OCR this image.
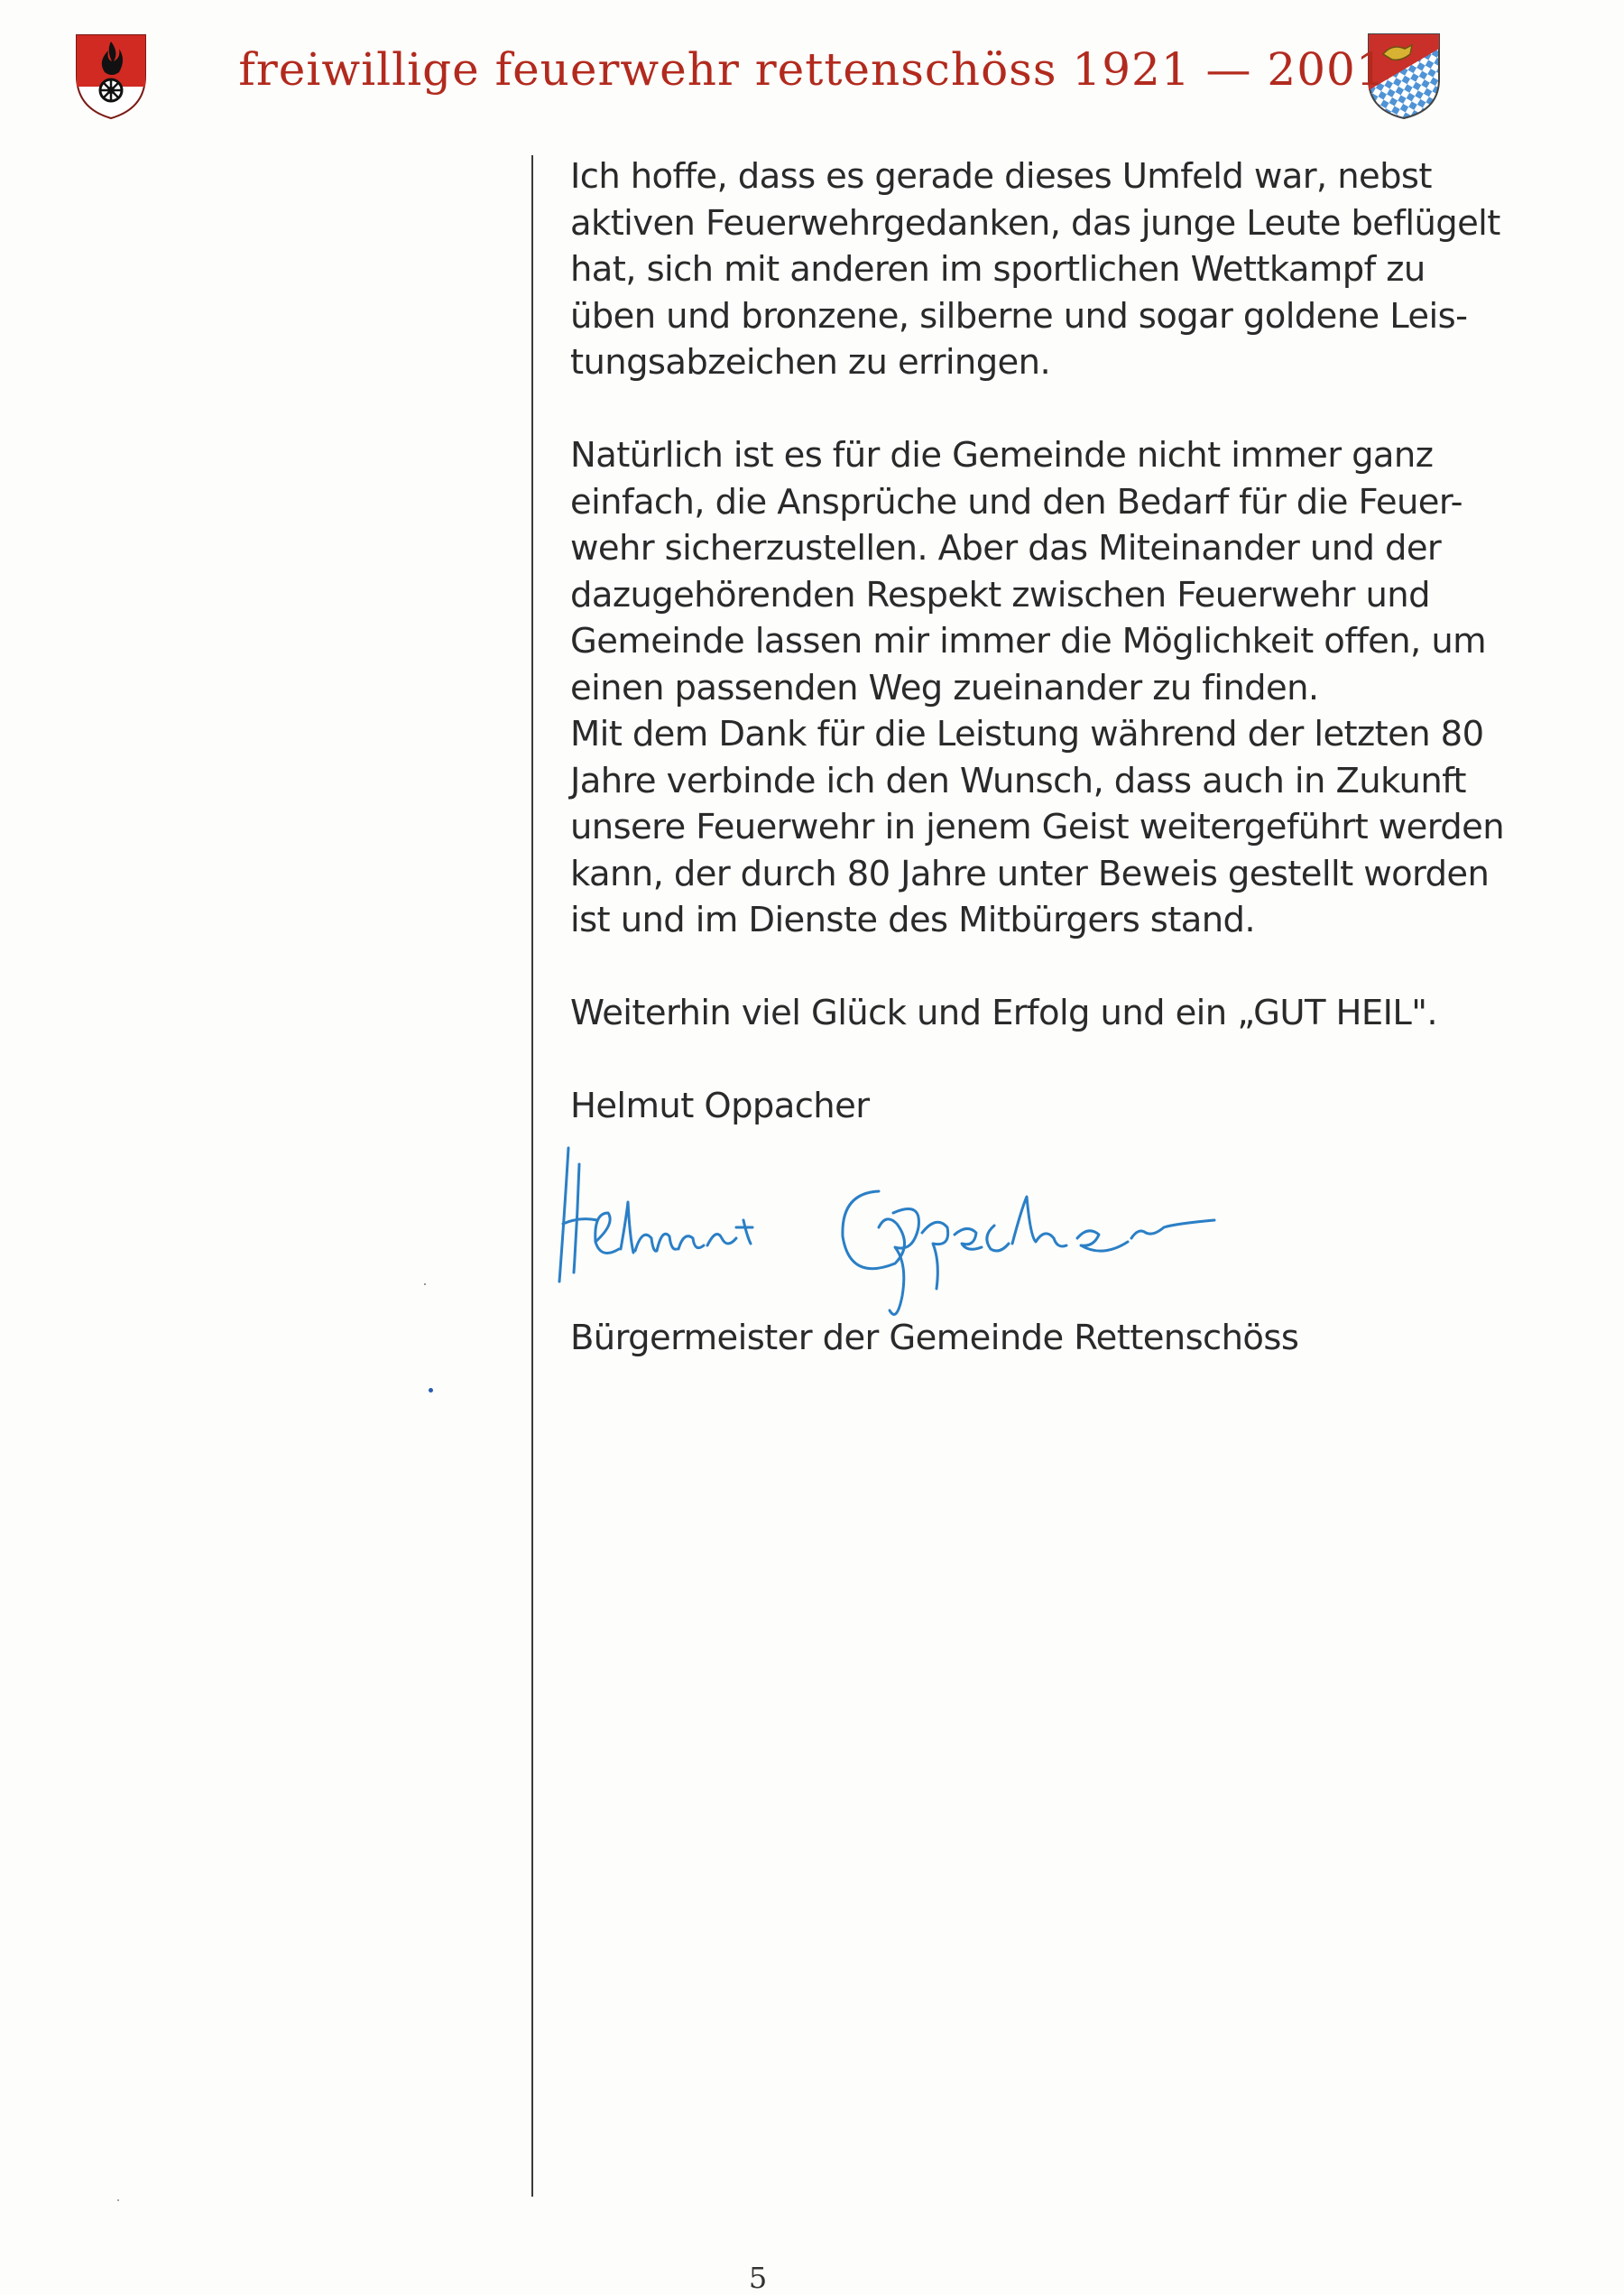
freiwillige feuerwehr rettenschöss 1921 — 2001
Ich hoffe, dass es gerade dieses Umfeld war, nebst
aktiven Feuerwehrgedanken, das junge Leute beflügelt
hat, sich mit anderen im sportlichen Wettkampf zu
üben und bronzene, silberne und sogar goldene Leis-
tungsabzeichen zu erringen.
Natürlich ist es für die Gemeinde nicht immer ganz
einfach, die Ansprüche und den Bedarf für die Feuer-
wehr sicherzustellen. Aber das Miteinander und der
dazugehörenden Respekt zwischen Feuerwehr und
Gemeinde lassen mir immer die Möglichkeit offen, um
einen passenden Weg zueinander zu finden.
Mit dem Dank für die Leistung während der letzten 80
Jahre verbinde ich den Wunsch, dass auch in Zukunft
unsere Feuerwehr in jenem Geist weitergeführt werden
kann, der durch 80 Jahre unter Beweis gestellt worden
ist und im Dienste des Mitbürgers stand.
Weiterhin viel Glück und Erfolg und ein „GUT HEIL".
Helmut Oppacher
Bürgermeister der Gemeinde Rettenschöss
5
